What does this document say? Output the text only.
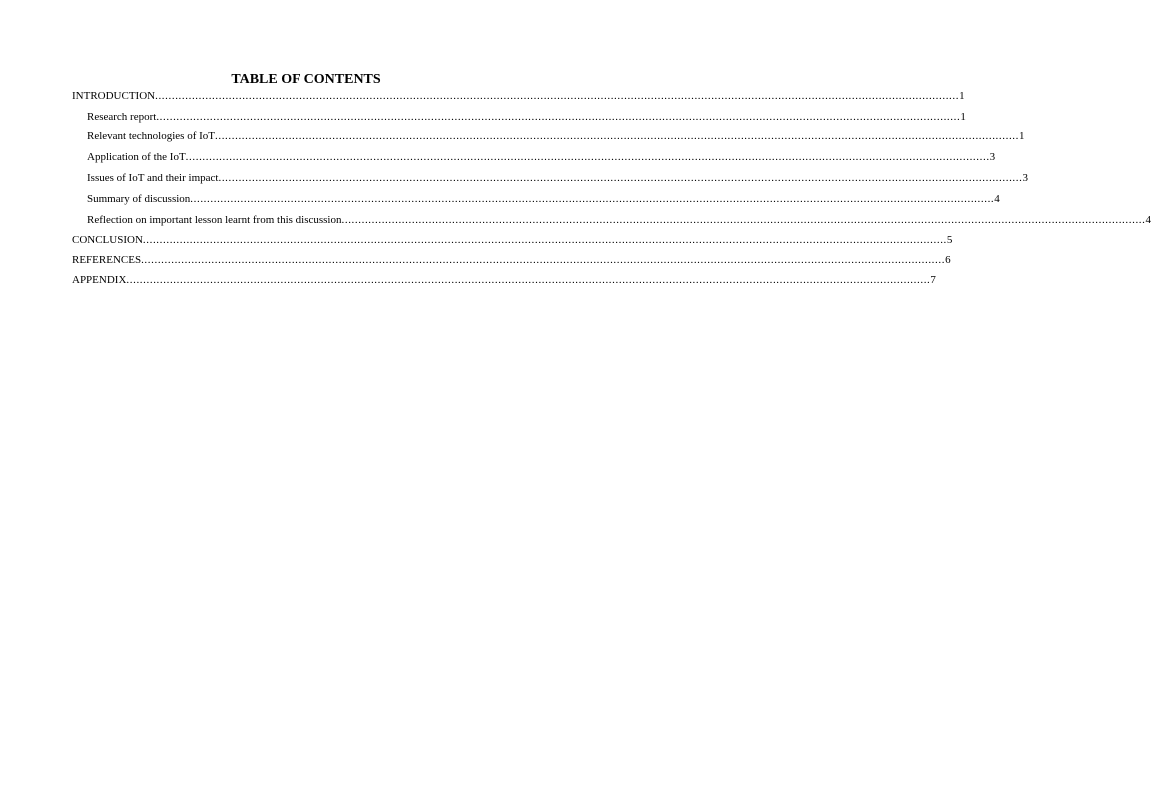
TABLE OF CONTENTS
INTRODUCTION ................................................................................................................................................................................................................................................ 1
Research report ................................................................................................................................................................................................................................................ 1
Relevant technologies of IoT ................................................................................................................................................................................................................................................ 1
Application of the IoT ................................................................................................................................................................................................................................................ 3
Issues of IoT and their impact ................................................................................................................................................................................................................................................ 3
Summary of discussion ................................................................................................................................................................................................................................................ 4
Reflection on important lesson learnt from this discussion ................................................................................................................................................................................................................................................ 4
CONCLUSION ................................................................................................................................................................................................................................................ 5
REFERENCES ................................................................................................................................................................................................................................................ 6
APPENDIX ................................................................................................................................................................................................................................................ 7
